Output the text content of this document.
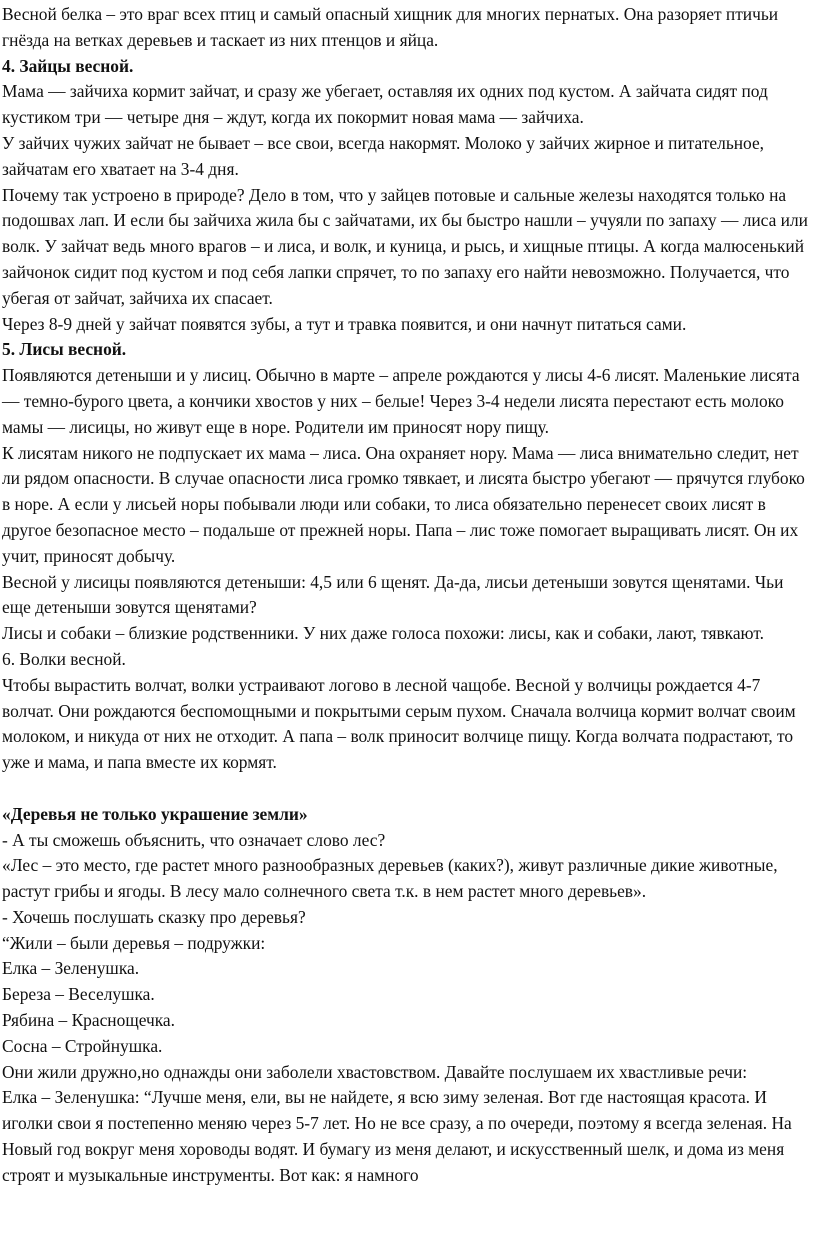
Весной белка – это враг всех птиц и самый опасный хищник для многих пернатых. Она разоряет птичьи гнёзда на ветках деревьев и таскает из них птенцов и яйца.

4. Зайцы весной.

Мама — зайчиха кормит зайчат, и сразу же убегает, оставляя их одних под кустом. А зайчата сидят под кустиком три — четыре дня – ждут, когда их покормит новая мама — зайчиха.

У зайчих чужих зайчат не бывает – все свои, всегда накормят. Молоко у зайчих жирное и питательное, зайчатам его хватает на 3-4 дня.

Почему так устроено в природе? Дело в том, что у зайцев потовые и сальные железы находятся только на подошвах лап. И если бы зайчиха жила бы с зайчатами, их бы быстро нашли – учуяли по запаху — лиса или волк. У зайчат ведь много врагов – и лиса, и волк, и куница, и рысь, и хищные птицы. А когда малюсенький зайчонок сидит под кустом и под себя лапки спрячет, то по запаху его найти невозможно. Получается, что убегая от зайчат, зайчиха их спасает.

Через 8-9 дней у зайчат появятся зубы, а тут и травка появится, и они начнут питаться сами.

5. Лисы весной.

Появляются детеныши и у лисиц. Обычно в марте – апреле рождаются у лисы 4-6 лисят. Маленькие лисята — темно-бурого цвета, а кончики хвостов у них – белые! Через 3-4 недели лисята перестают есть молоко мамы — лисицы, но живут еще в норе. Родители им приносят нору пищу.

К лисятам никого не подпускает их мама – лиса. Она охраняет нору. Мама — лиса внимательно следит, нет ли рядом опасности. В случае опасности лиса громко тявкает, и лисята быстро убегают — прячутся глубоко в норе. А если у лисьей норы побывали люди или собаки, то лиса обязательно перенесет своих лисят в другое безопасное место – подальше от прежней норы. Папа – лис тоже помогает выращивать лисят. Он их учит, приносят добычу.

Весной у лисицы появляются детеныши: 4,5 или 6 щенят. Да-да, лисьи детеныши зовутся щенятами. Чьи еще детеныши зовутся щенятами?

Лисы и собаки – близкие родственники. У них даже голоса похожи: лисы, как и собаки, лают, тявкают.

6. Волки весной.

Чтобы вырастить волчат, волки устраивают логово в лесной чащобе. Весной у волчицы рождается 4-7 волчат. Они рождаются беспомощными и покрытыми серым пухом. Сначала волчица кормит волчат своим молоком, и никуда от них не отходит. А папа – волк приносит волчице пищу. Когда волчата подрастают, то уже и мама, и папа вместе их кормят.

«Деревья не только украшение земли»

- А ты сможешь объяснить, что означает слово лес?

«Лес – это место, где растет много разнообразных деревьев (каких?), живут различные дикие животные, растут грибы и ягоды. В лесу мало солнечного света т.к. в нем растет много деревьев».

- Хочешь послушать сказку про деревья?

“Жили – были деревья – подружки:

Елка – Зеленушка.

Береза – Веселушка.

Рябина – Краснощечка.

Сосна – Стройнушка.

Они жили дружно,но однажды они заболели хвастовством. Давайте послушаем их хвастливые речи:

Елка – Зеленушка: “Лучше меня, ели, вы не найдете, я всю зиму зеленая. Вот где настоящая красота. И иголки свои я постепенно меняю через 5-7 лет. Но не все сразу, а по очереди, поэтому я всегда зеленая. На Новый год вокруг меня хороводы водят. И бумагу из меня делают, и искусственный шелк, и дома из меня строят и музыкальные инструменты. Вот как: я намного
